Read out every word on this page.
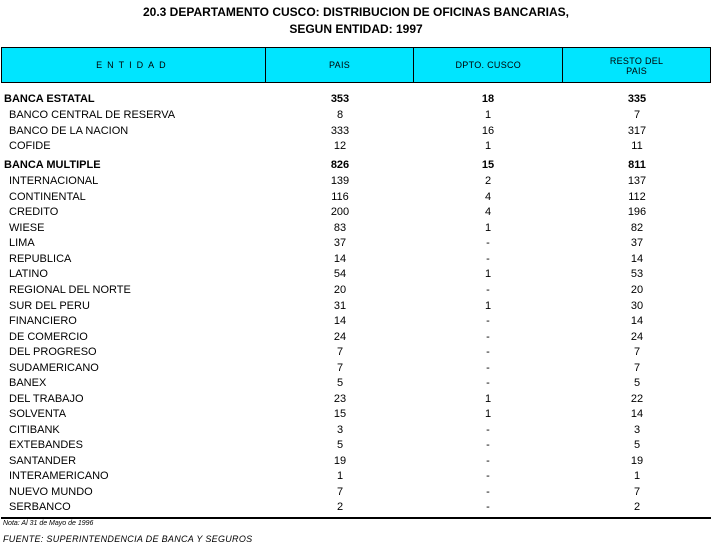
20.3 DEPARTAMENTO CUSCO: DISTRIBUCION DE OFICINAS BANCARIAS,
SEGUN ENTIDAD: 1997
ENTIDAD	PAIS	DPTO. CUSCO	RESTO DEL
PAIS
BANCA ESTATAL	353	18	335
BANCO CENTRAL DE RESERVA	8	1	7
BANCO DE LA NACION	333	16	317
COFIDE	12	1	11
BANCA MULTIPLE	826	15	811
INTERNACIONAL	139	2	137
CONTINENTAL	116	4	112
CREDITO	200	4	196
WIESE	83	1	82
LIMA	37	-	37
REPUBLICA	14	-	14
LATINO	54	1	53
REGIONAL DEL NORTE	20	-	20
SUR DEL PERU	31	1	30
FINANCIERO	14	-	14
DE COMERCIO	24	-	24
DEL PROGRESO	7	-	7
SUDAMERICANO	7	-	7
BANEX	5	-	5
DEL TRABAJO	23	1	22
SOLVENTA	15	1	14
CITIBANK	3	-	3
EXTEBANDES	5	-	5
SANTANDER	19	-	19
INTERAMERICANO	1	-	1
NUEVO MUNDO	7	-	7
SERBANCO	2	-	2
Nota: Al 31 de Mayo de 1996
FUENTE: SUPERINTENDENCIA DE BANCA Y SEGUROS
